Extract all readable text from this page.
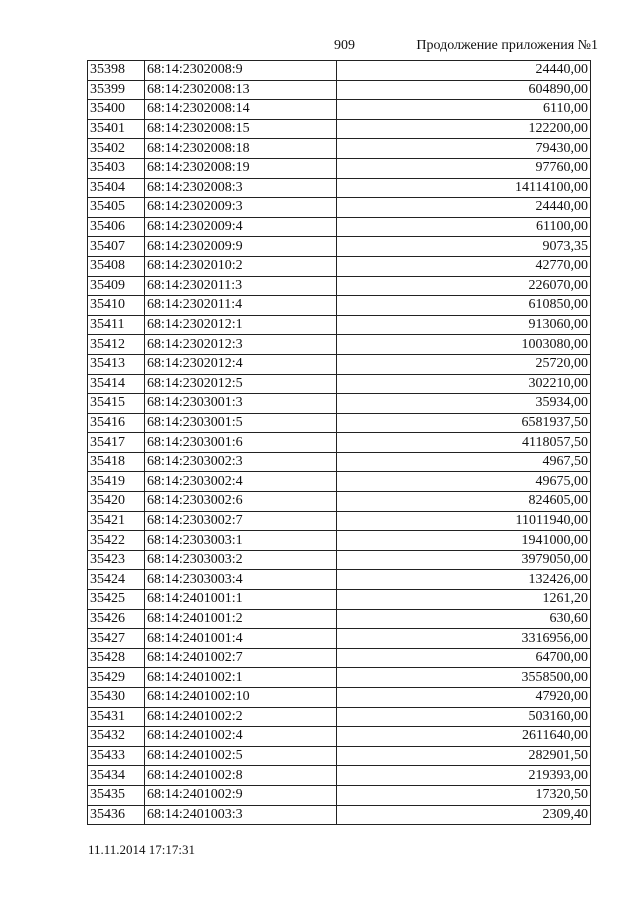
909	Продолжение приложения №1
35398	68:14:2302008:9	24440,00
35399	68:14:2302008:13	604890,00
35400	68:14:2302008:14	6110,00
35401	68:14:2302008:15	122200,00
35402	68:14:2302008:18	79430,00
35403	68:14:2302008:19	97760,00
35404	68:14:2302008:3	14114100,00
35405	68:14:2302009:3	24440,00
35406	68:14:2302009:4	61100,00
35407	68:14:2302009:9	9073,35
35408	68:14:2302010:2	42770,00
35409	68:14:2302011:3	226070,00
35410	68:14:2302011:4	610850,00
35411	68:14:2302012:1	913060,00
35412	68:14:2302012:3	1003080,00
35413	68:14:2302012:4	25720,00
35414	68:14:2302012:5	302210,00
35415	68:14:2303001:3	35934,00
35416	68:14:2303001:5	6581937,50
35417	68:14:2303001:6	4118057,50
35418	68:14:2303002:3	4967,50
35419	68:14:2303002:4	49675,00
35420	68:14:2303002:6	824605,00
35421	68:14:2303002:7	11011940,00
35422	68:14:2303003:1	1941000,00
35423	68:14:2303003:2	3979050,00
35424	68:14:2303003:4	132426,00
35425	68:14:2401001:1	1261,20
35426	68:14:2401001:2	630,60
35427	68:14:2401001:4	3316956,00
35428	68:14:2401002:7	64700,00
35429	68:14:2401002:1	3558500,00
35430	68:14:2401002:10	47920,00
35431	68:14:2401002:2	503160,00
35432	68:14:2401002:4	2611640,00
35433	68:14:2401002:5	282901,50
35434	68:14:2401002:8	219393,00
35435	68:14:2401002:9	17320,50
35436	68:14:2401003:3	2309,40
11.11.2014 17:17:31
